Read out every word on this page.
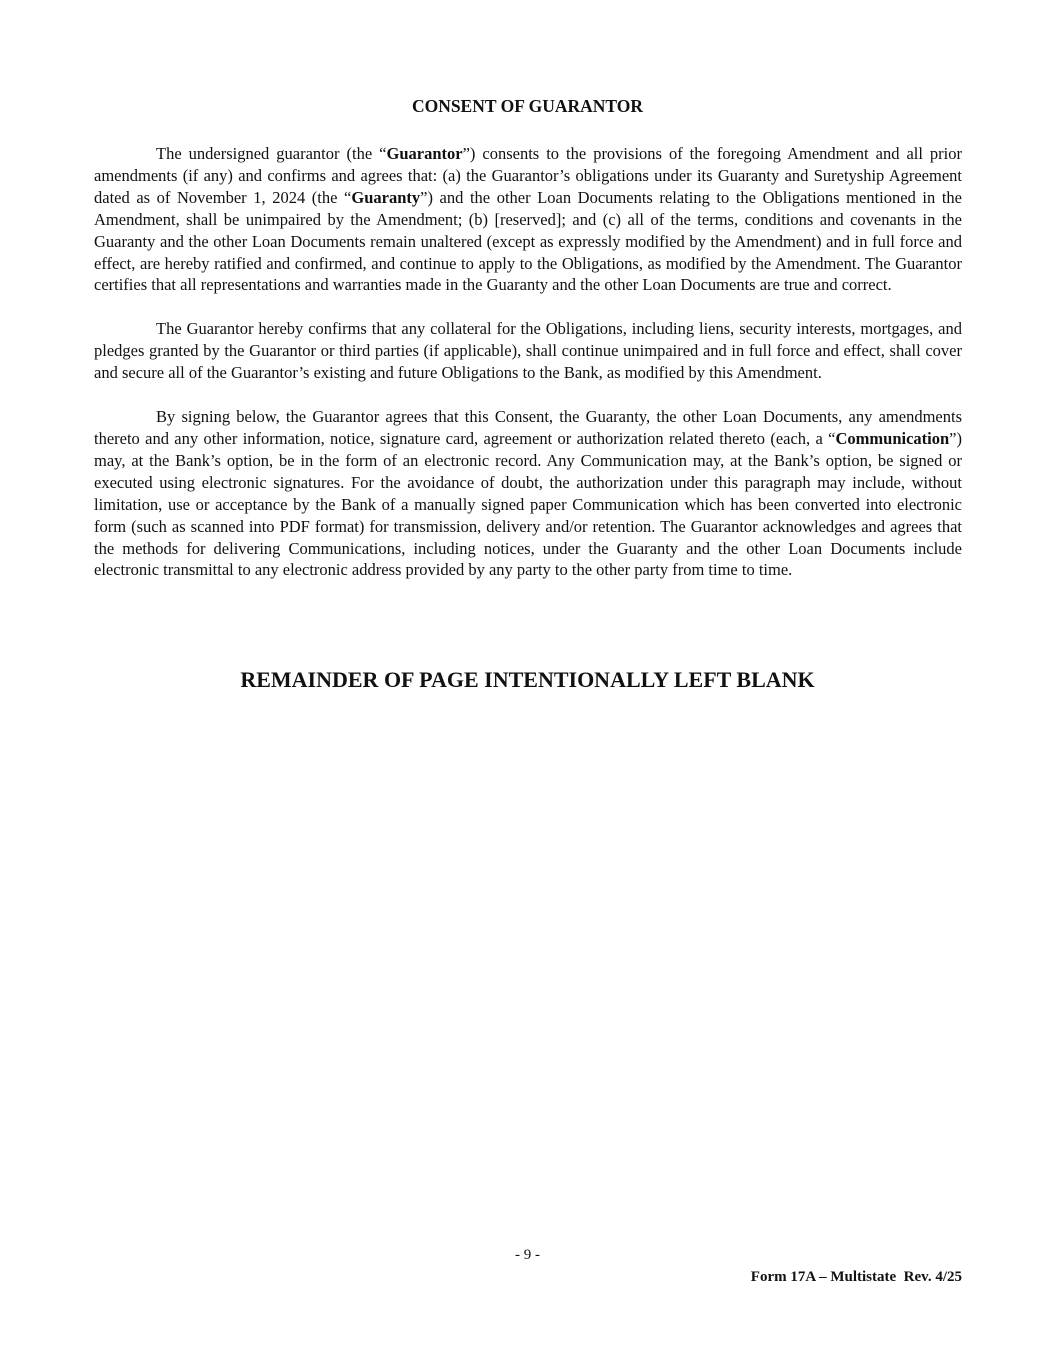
CONSENT OF GUARANTOR

The undersigned guarantor (the “Guarantor”) consents to the provisions of the foregoing Amendment and all prior amendments (if any) and confirms and agrees that: (a) the Guarantor’s obligations under its Guaranty and Suretyship Agreement dated as of November 1, 2024 (the “Guaranty”) and the other Loan Documents relating to the Obligations mentioned in the Amendment, shall be unimpaired by the Amendment; (b) [reserved]; and (c) all of the terms, conditions and covenants in the Guaranty and the other Loan Documents remain unaltered (except as expressly modified by the Amendment) and in full force and effect, are hereby ratified and confirmed, and continue to apply to the Obligations, as modified by the Amendment. The Guarantor certifies that all representations and warranties made in the Guaranty and the other Loan Documents are true and correct.

The Guarantor hereby confirms that any collateral for the Obligations, including liens, security interests, mortgages, and pledges granted by the Guarantor or third parties (if applicable), shall continue unimpaired and in full force and effect, shall cover and secure all of the Guarantor’s existing and future Obligations to the Bank, as modified by this Amendment.

By signing below, the Guarantor agrees that this Consent, the Guaranty, the other Loan Documents, any amendments thereto and any other information, notice, signature card, agreement or authorization related thereto (each, a “Communication”) may, at the Bank’s option, be in the form of an electronic record. Any Communication may, at the Bank’s option, be signed or executed using electronic signatures. For the avoidance of doubt, the authorization under this paragraph may include, without limitation, use or acceptance by the Bank of a manually signed paper Communication which has been converted into electronic form (such as scanned into PDF format) for transmission, delivery and/or retention. The Guarantor acknowledges and agrees that the methods for delivering Communications, including notices, under the Guaranty and the other Loan Documents include electronic transmittal to any electronic address provided by any party to the other party from time to time.

REMAINDER OF PAGE INTENTIONALLY LEFT BLANK
- 9 -
Form 17A – Multistate  Rev. 4/25
